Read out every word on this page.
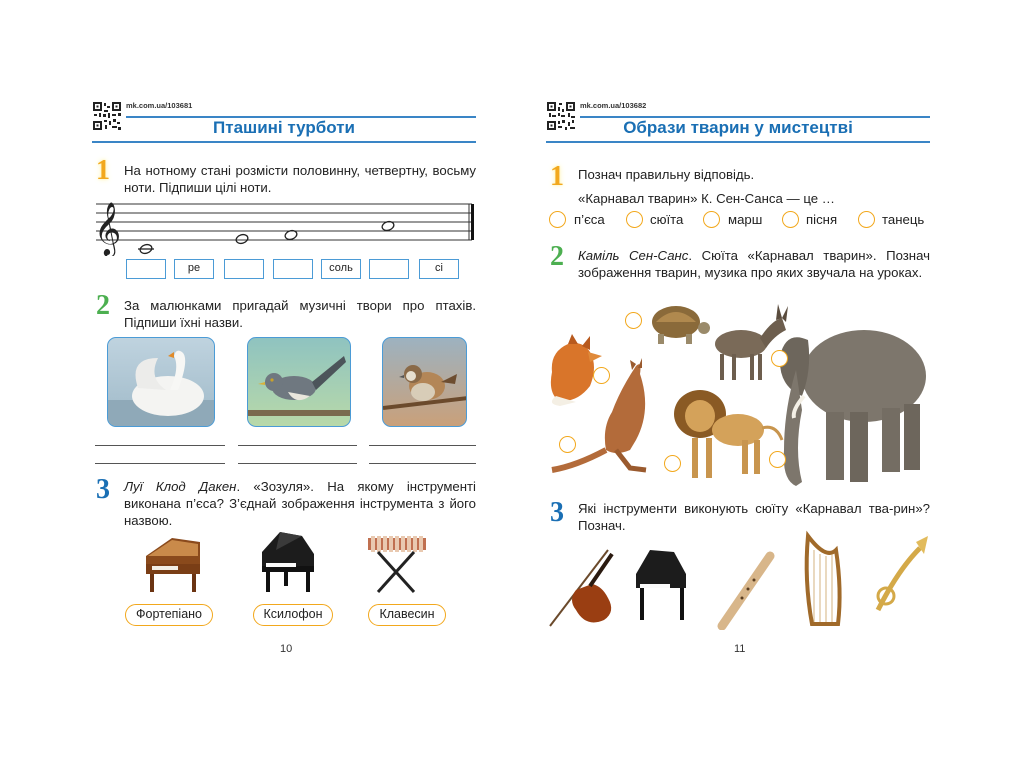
mk.com.ua/103681
Пташині турботи
1 На нотному стані розмісти половинну, четвертну, восьму ноти. Підпиши цілі ноти.
𝄞
ре	соль	сі
2 За малюнками пригадай музичні твори про птахів. Підпиши їхні назви.
3 Луї Клод Дакен. «Зозуля». На якому інструменті виконана п’єса? З’єднай зображення інструмента з його назвою.
Фортепіано	Ксилофон	Клавесин
10
mk.com.ua/103682
Образи тварин у мистецтві
1 Познач правильну відповідь.
«Карнавал тварин» К. Сен-Санса — це …
п’єса	сюїта	марш	пісня	танець
2 Камiль Сен-Санс. Сюїта «Карнавал тварин». Познач зображення тварин, музика про яких звучала на уроках.
3 Які інструменти виконують сюїту «Карнавал тва-рин»? Познач.
11
